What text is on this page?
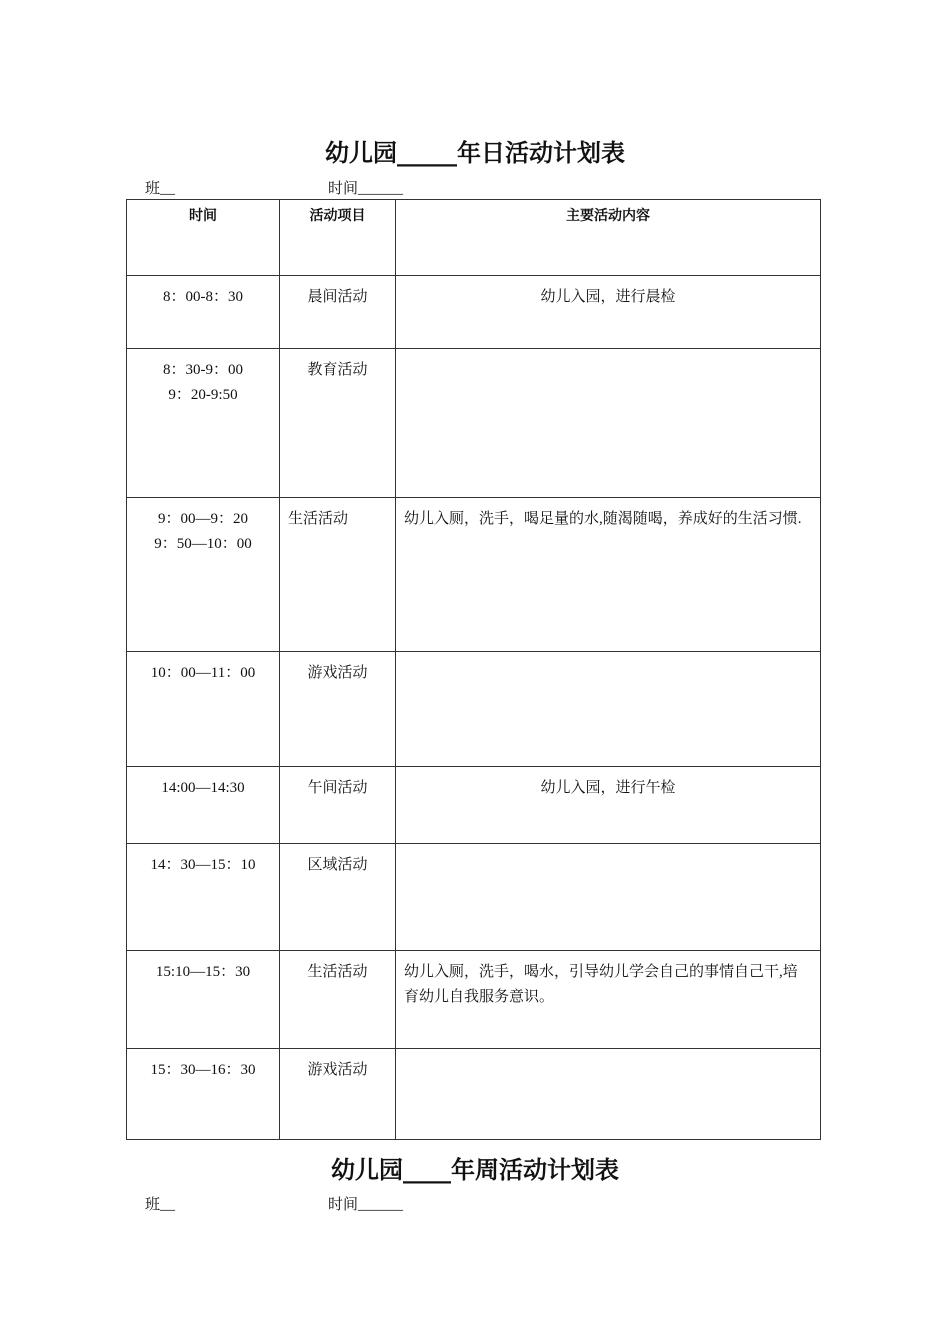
幼儿园_____年日活动计划表
班__	时间______
时间	活动项目	主要活动内容

8：00-8：30	晨间活动	幼儿入园，进行晨检

8：30-9：00
9：20-9:50	教育活动	

9：00—9：20
9：50—10：00	生活活动	幼儿入厕，洗手，喝足量的水,随渴随喝，养成好的生活习惯.

10：00—11：00	游戏活动	

14:00—14:30	午间活动	幼儿入园，进行午检

14：30—15：10	区域活动	

15:10—15：30	生活活动	幼儿入厕，洗手，喝水，引导幼儿学会自己的事情自己干,培育幼儿自我服务意识。

15：30—16：30	游戏活动	
幼儿园____年周活动计划表
班__	时间______
